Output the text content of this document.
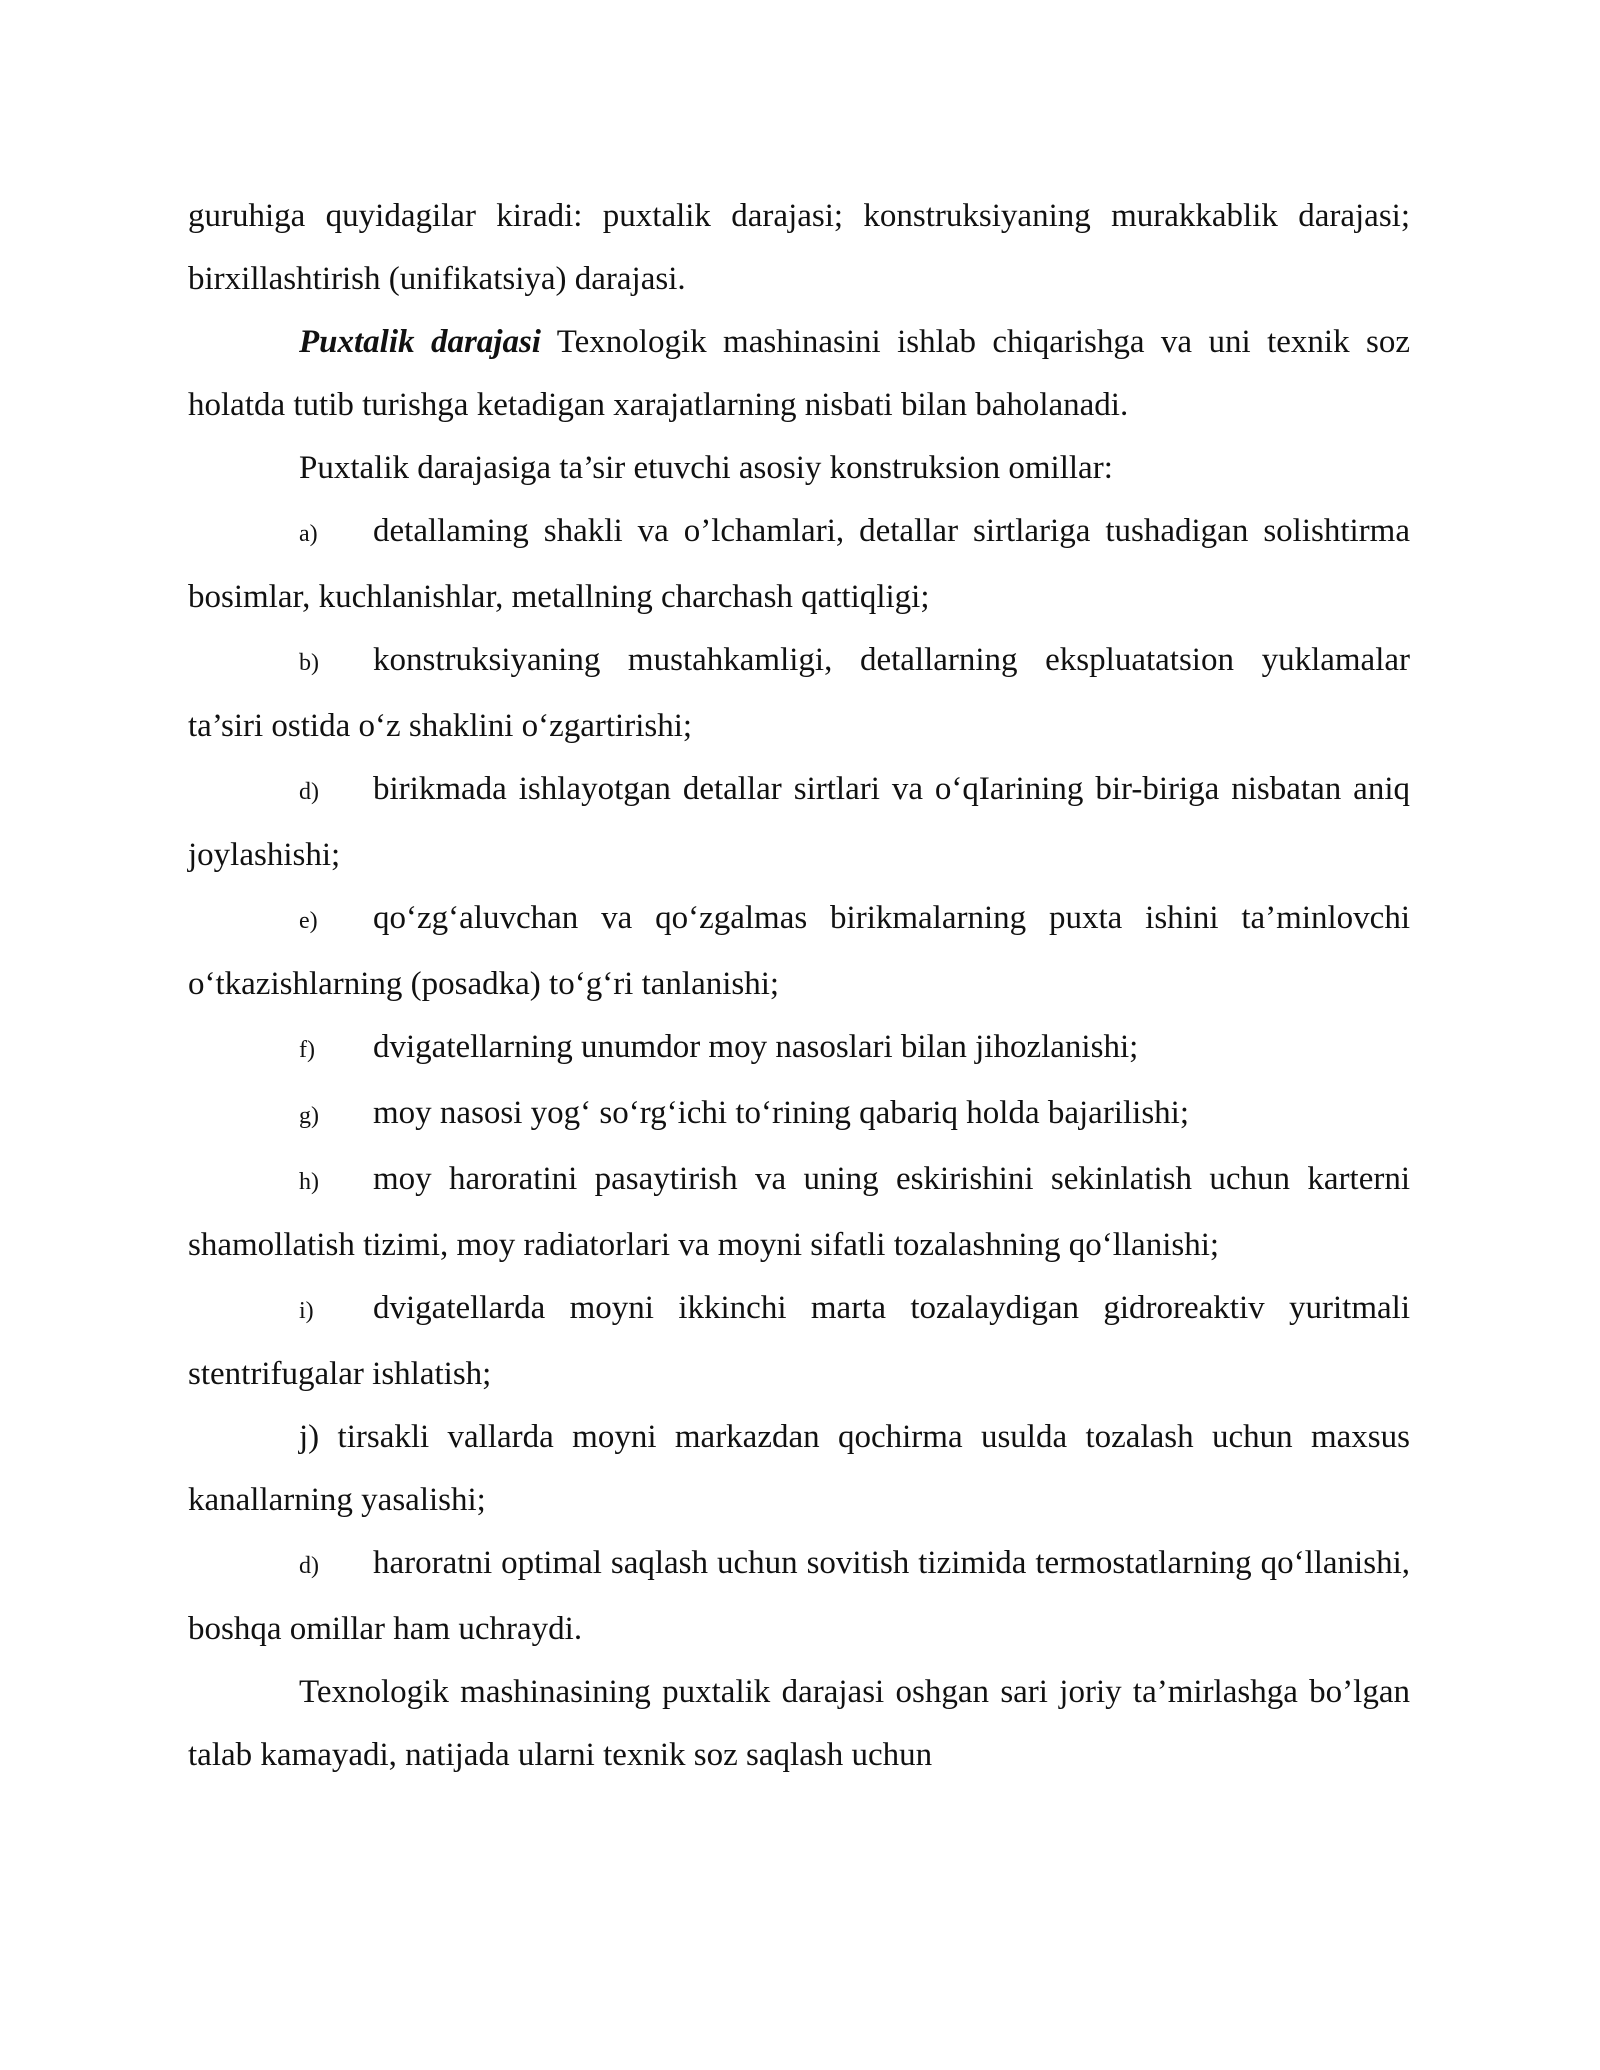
guruhiga quyidagilar kiradi: puxtalik darajasi; konstruksiyaning murakkablik darajasi; birxillashtirish (unifikatsiya) darajasi.

Puxtalik darajasi Texnologik mashinasini ishlab chiqarishga va uni texnik soz holatda tutib turishga ketadigan xarajatlarning nisbati bilan baholanadi.

Puxtalik darajasiga ta’sir etuvchi asosiy konstruksion omillar:

a) detallaming shakli va o’lchamlari, detallar sirtlariga tushadigan solishtirma bosimlar, kuchlanishlar, metallning charchash qattiqligi;

b) konstruksiyaning mustahkamligi, detallarning ekspluatatsion yuklamalar ta’siri ostida o‘z shaklini o‘zgartirishi;

d) birikmada ishlayotgan detallar sirtlari va o‘qIarining bir-biriga nisbatan aniq joylashishi;

e) qo‘zg‘aluvchan va qo‘zgalmas birikmalarning puxta ishini ta’minlovchi o‘tkazishlarning (posadka) to‘g‘ri tanlanishi;

f) dvigatellarning unumdor moy nasoslari bilan jihozlanishi;

g) moy nasosi yog‘ so‘rg‘ichi to‘rining qabariq holda bajarilishi;

h) moy haroratini pasaytirish va uning eskirishini sekinlatish uchun karterni shamollatish tizimi, moy radiatorlari va moyni sifatli tozalashning qo‘llanishi;

i) dvigatellarda moyni ikkinchi marta tozalaydigan gidroreaktiv yuritmali stentrifugalar ishlatish;

j) tirsakli vallarda moyni markazdan qochirma usulda tozalash uchun maxsus kanallarning yasalishi;

d) haroratni optimal saqlash uchun sovitish tizimida termostatlarning qo‘llanishi, boshqa omillar ham uchraydi.

Texnologik mashinasining puxtalik darajasi oshgan sari joriy ta’mirlashga bo’lgan talab kamayadi, natijada ularni texnik soz saqlash uchun
